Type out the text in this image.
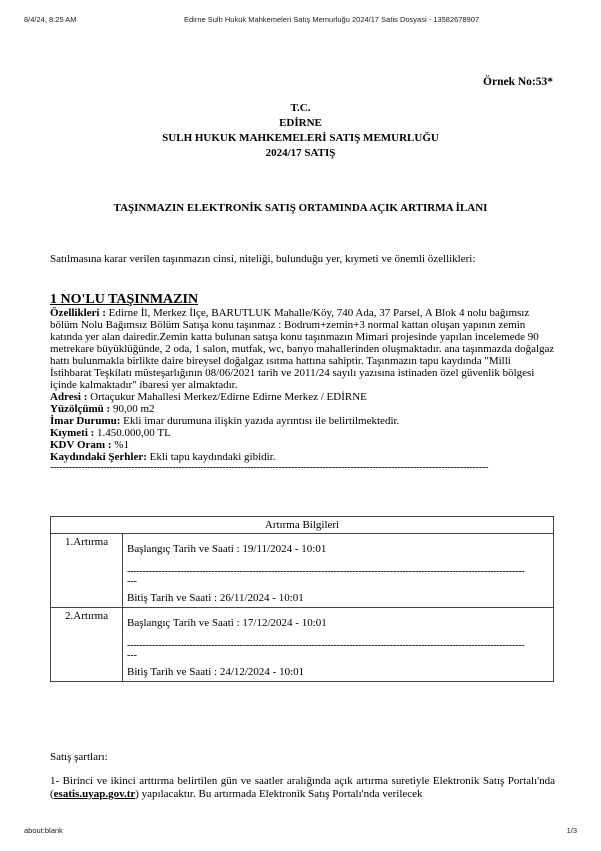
8/4/24, 8:25 AM	Edirne Sulh Hukuk Mahkemeleri Satış Memurluğu 2024/17 Satis Dosyasi - 13582678907
Örnek No:53*
T.C.
EDİRNE
SULH HUKUK MAHKEMELERİ SATIŞ MEMURLUĞU
2024/17 SATIŞ
TAŞINMAZIN ELEKTRONİK SATIŞ ORTAMINDA AÇIK ARTIRMA İLANI
Satılmasına karar verilen taşınmazın cinsi, niteliği, bulunduğu yer, kıymeti ve önemli özellikleri:
1 NO'LU TAŞINMAZIN

Özellikleri : Edirne İl, Merkez İlçe, BARUTLUK Mahalle/Köy, 740 Ada, 37 Parsel, A Blok 4 nolu bağımsız bölüm Nolu Bağımsız Bölüm Satışa konu taşınmaz : Bodrum+zemin+3 normal kattan oluşan yapının zemin katında yer alan dairedir.Zemin katta bulunan satışa konu taşınmazın Mimari projesinde yapılan incelemede 90 metrekare büyüklüğünde, 2 oda, 1 salon, mutfak, wc, banyo mahallerinden oluşmaktadır. ana taşınmazda doğalgaz hattı bulunmakla birlikte daire bireysel doğalgaz ısıtma hattına sahiptir. Taşınmazın tapu kaydında "Milli İstihbarat Teşkilatı müsteşarlığının 08/06/2021 tarih ve 2011/24 sayılı yazısına istinaden özel güvenlik bölgesi içinde kalmaktadır" ibaresi yer almaktadır.

Adresi : Ortaçukur Mahallesi Merkez/Edirne Edirne Merkez / EDİRNE

Yüzölçümü : 90,00 m2

İmar Durumu: Ekli imar durumuna ilişkin yazıda ayrıntısı ile belirtilmektedir.

Kıymeti : 1.450.000,00 TL

KDV Oranı : %1

Kaydındaki Şerhler: Ekli tapu kaydındaki gibidir.

--------------------------------------------------------------------------------------------------------------------------------------------
Artırma Bilgileri	
1.Artırma	Başlangıç Tarih ve Saati : 19/11/2024 - 10:01
-------------------------------------------------------------------------------------------------------------------------------
---
Bitiş Tarih ve Saati : 26/11/2024 - 10:01

2.Artırma	Başlangıç Tarih ve Saati : 17/12/2024 - 10:01
-------------------------------------------------------------------------------------------------------------------------------
---
Bitiş Tarih ve Saati : 24/12/2024 - 10:01
Satış şartları:
1- Birinci ve ikinci arttırma belirtilen gün ve saatler aralığında açık artırma suretiyle Elektronik Satış Portalı'nda (esatis.uyap.gov.tr) yapılacaktır. Bu artırmada Elektronik Satış Portalı'nda verilecek
about:blank	1/3
